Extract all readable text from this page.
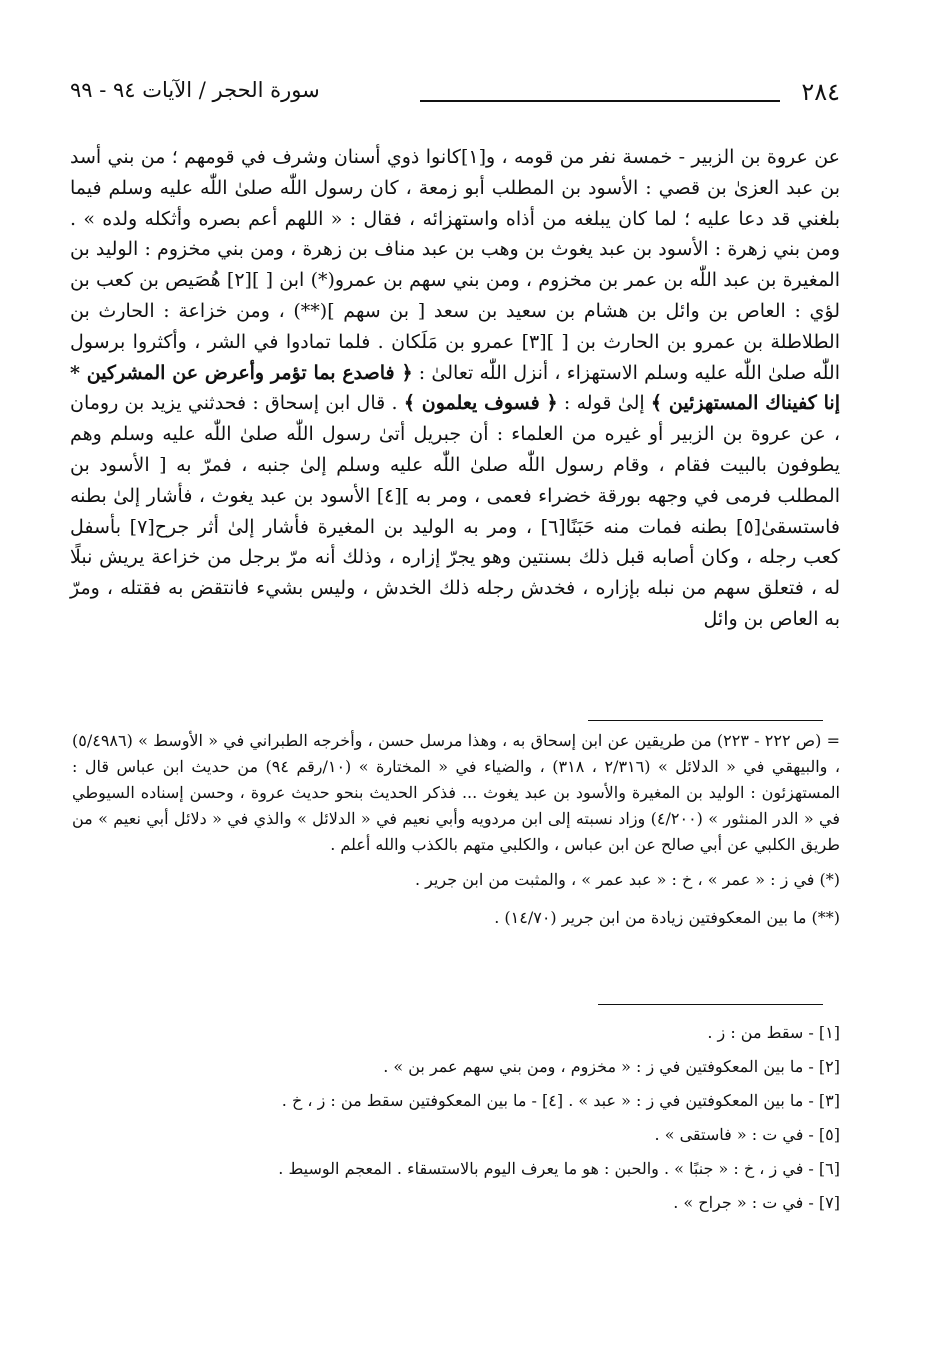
٢٨٤
سورة الحجر / الآيات ٩٤ - ٩٩

عن عروة بن الزبير - خمسة نفر من قومه ، و[١]كانوا ذوي أسنان وشرف في قومهم ؛ من بني أسد بن عبد العزىٰ بن قصي : الأسود بن المطلب أبو زمعة ، كان رسول اللّٰه صلىٰ اللّٰه عليه وسلم فيما بلغني قد دعا عليه ؛ لما كان يبلغه من أذاه واستهزائه ، فقال : « اللهم أعم بصره وأثكله ولده » . ومن بني زهرة : الأسود بن عبد يغوث بن وهب بن عبد مناف بن زهرة ، ومن بني مخزوم : الوليد بن المغيرة بن عبد اللّٰه بن عمر بن مخزوم ، ومن بني سهم بن عمرو(*) ابن [ ][٢] هُصَيص بن كعب بن لؤي : العاص بن وائل بن هشام بن سعيد بن سعد [ بن سهم ](**) ، ومن خزاعة : الحارث بن الطلاطلة بن عمرو بن الحارث بن [ ][٣] عمرو بن مَلَكان . فلما تمادوا في الشر ، وأكثروا برسول اللّٰه صلىٰ اللّٰه عليه وسلم الاستهزاء ، أنزل اللّٰه تعالىٰ : ﴿ فاصدع بما تؤمر وأعرض عن المشركين * إنا كفيناك المستهزئين ﴾ إلىٰ قوله : ﴿ فسوف يعلمون ﴾ . قال ابن إسحاق : فحدثني يزيد بن رومان ، عن عروة بن الزبير أو غيره من العلماء : أن جبريل أتىٰ رسول اللّٰه صلىٰ اللّٰه عليه وسلم وهم يطوفون بالبيت فقام ، وقام رسول اللّٰه صلىٰ اللّٰه عليه وسلم إلىٰ جنبه ، فمرّ به [ الأسود بن المطلب فرمى في وجهه بورقة خضراء فعمى ، ومر به ][٤] الأسود بن عبد يغوث ، فأشار إلىٰ بطنه فاستسقىٰ[٥] بطنه فمات منه حَبَنًا[٦] ، ومر به الوليد بن المغيرة فأشار إلىٰ أثر جرح[٧] بأسفل كعب رجله ، وكان أصابه قبل ذلك بسنتين وهو يجرّ إزاره ، وذلك أنه مرّ برجل من خزاعة يريش نبلًا له ، فتعلق سهم من نبله بإزاره ، فخدش رجله ذلك الخدش ، وليس بشيء فانتقض به فقتله ، ومرّ به العاص بن وائل

= (ص ٢٢٢ - ٢٢٣) من طريقين عن ابن إسحاق به ، وهذا مرسل حسن ، وأخرجه الطبراني في « الأوسط » (٥/٤٩٨٦) ، والبيهقي في « الدلائل » (٢/٣١٦ ، ٣١٨) ، والضياء في « المختارة » (١٠/رقم ٩٤) من حديث ابن عباس قال : المستهزئون : الوليد بن المغيرة والأسود بن عبد يغوث ... فذكر الحديث بنحو حديث عروة ، وحسن إسناده السيوطي في « الدر المنثور » (٤/٢٠٠) وزاد نسبته إلى ابن مردويه وأبي نعيم في « الدلائل » والذي في « دلائل أبي نعيم » من طريق الكلبي عن أبي صالح عن ابن عباس ، والكلبي متهم بالكذب والله أعلم .

(*) في ز : « عمر » ، خ : « عبد عمر » ، والمثبت من ابن جرير .

(**) ما بين المعكوفتين زيادة من ابن جرير (١٤/٧٠) .

[١] - سقط من : ز .

[٢] - ما بين المعكوفتين في ز : « مخزوم ، ومن بني سهم عمر بن » .

[٣] - ما بين المعكوفتين في ز : « عبد » . [٤] - ما بين المعكوفتين سقط من : ز ، خ .

[٥] - في ت : « فاستقى » .

[٦] - في ز ، خ : « جنبًا » . والحبن : هو ما يعرف اليوم بالاستسقاء . المعجم الوسيط .

[٧] - في ت : « جراح » .
